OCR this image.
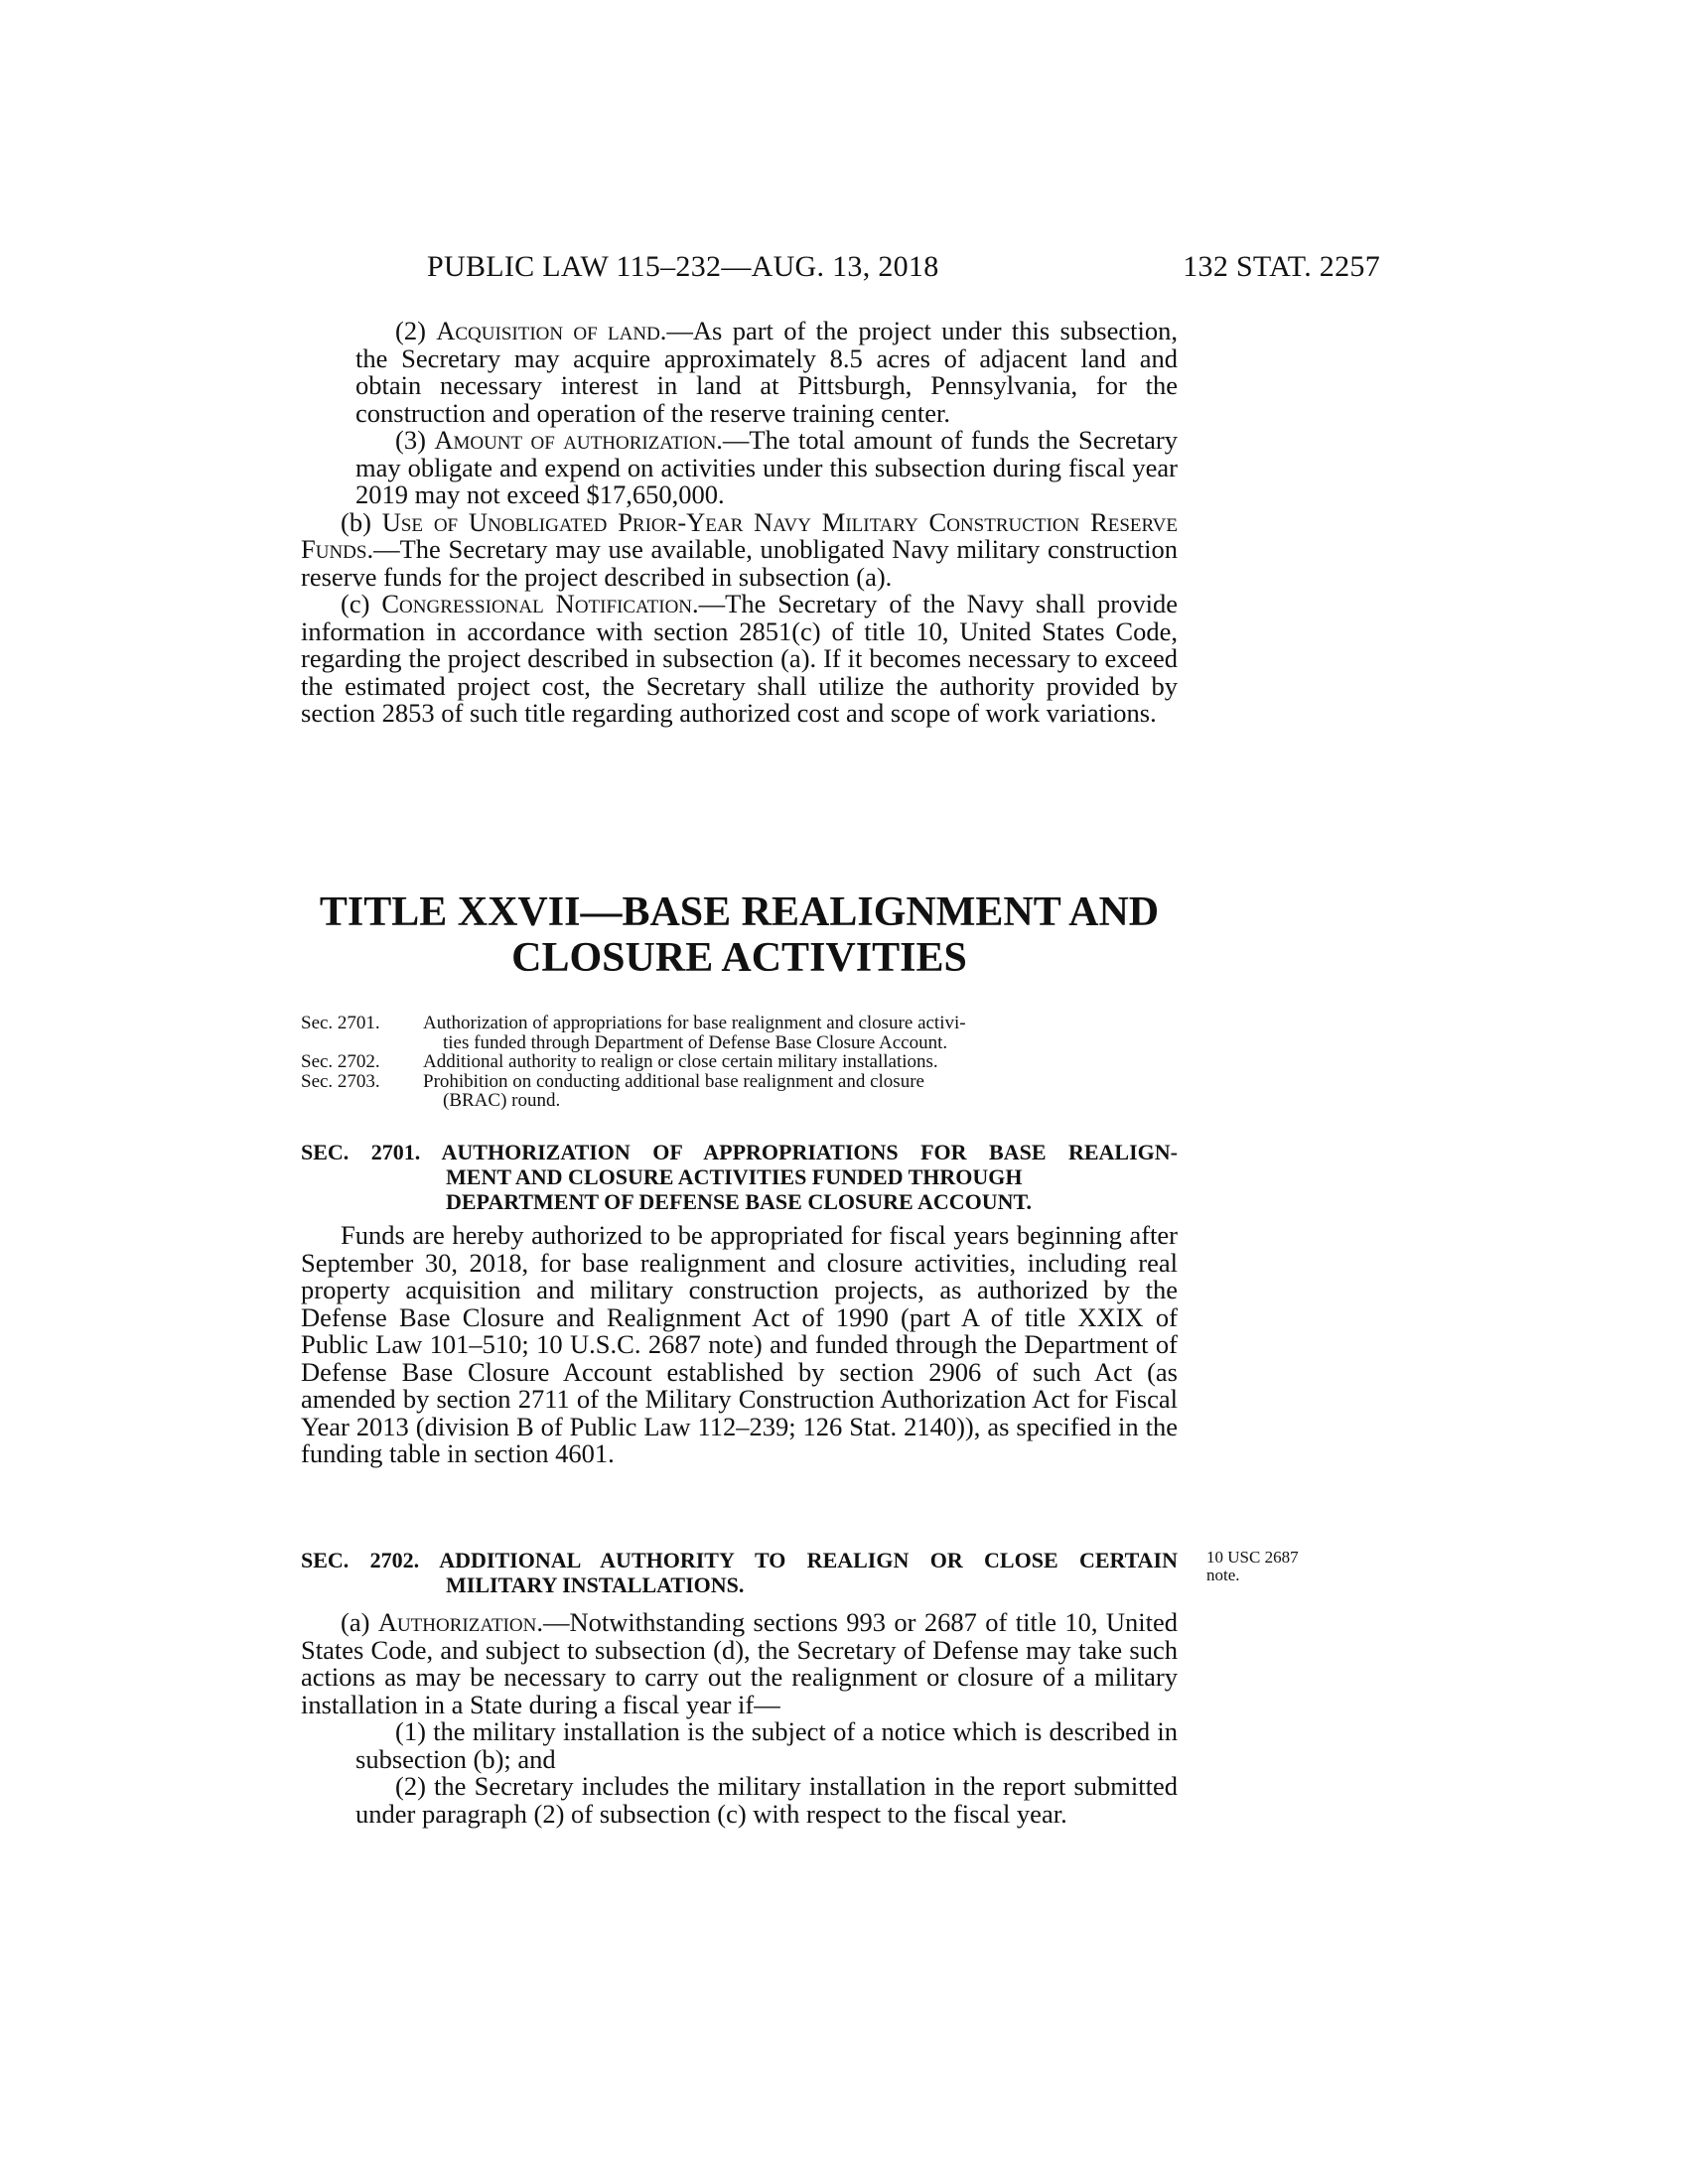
PUBLIC LAW 115–232—AUG. 13, 2018	132 STAT. 2257

(2) Acquisition of land.—As part of the project under this subsection, the Secretary may acquire approximately 8.5 acres of adjacent land and obtain necessary interest in land at Pittsburgh, Pennsylvania, for the construction and operation of the reserve training center.

(3) Amount of authorization.—The total amount of funds the Secretary may obligate and expend on activities under this subsection during fiscal year 2019 may not exceed $17,650,000.

(b) Use of Unobligated Prior-Year Navy Military Construction Reserve Funds.—The Secretary may use available, unobligated Navy military construction reserve funds for the project described in subsection (a).

(c) Congressional Notification.—The Secretary of the Navy shall provide information in accordance with section 2851(c) of title 10, United States Code, regarding the project described in subsection (a). If it becomes necessary to exceed the estimated project cost, the Secretary shall utilize the authority provided by section 2853 of such title regarding authorized cost and scope of work variations.

TITLE XXVII—BASE REALIGNMENT AND
CLOSURE ACTIVITIES
Sec. 2701.	Authorization of appropriations for base realignment and closure activi-
ties funded through Department of Defense Base Closure Account.
Sec. 2702.	Additional authority to realign or close certain military installations.
Sec. 2703.	Prohibition on conducting additional base realignment and closure
(BRAC) round.
SEC. 2701. AUTHORIZATION OF APPROPRIATIONS FOR BASE REALIGN-
MENT AND CLOSURE ACTIVITIES FUNDED THROUGH
DEPARTMENT OF DEFENSE BASE CLOSURE ACCOUNT.

Funds are hereby authorized to be appropriated for fiscal years beginning after September 30, 2018, for base realignment and closure activities, including real property acquisition and military construction projects, as authorized by the Defense Base Closure and Realignment Act of 1990 (part A of title XXIX of Public Law 101–510; 10 U.S.C. 2687 note) and funded through the Department of Defense Base Closure Account established by section 2906 of such Act (as amended by section 2711 of the Military Construction Authorization Act for Fiscal Year 2013 (division B of Public Law 112–239; 126 Stat. 2140)), as specified in the funding table in section 4601.

SEC. 2702. ADDITIONAL AUTHORITY TO REALIGN OR CLOSE CERTAIN
MILITARY INSTALLATIONS.

(a) Authorization.—Notwithstanding sections 993 or 2687 of title 10, United States Code, and subject to subsection (d), the Secretary of Defense may take such actions as may be necessary to carry out the realignment or closure of a military installation in a State during a fiscal year if—

(1) the military installation is the subject of a notice which is described in subsection (b); and

(2) the Secretary includes the military installation in the report submitted under paragraph (2) of subsection (c) with respect to the fiscal year.

10 USC 2687
note.
